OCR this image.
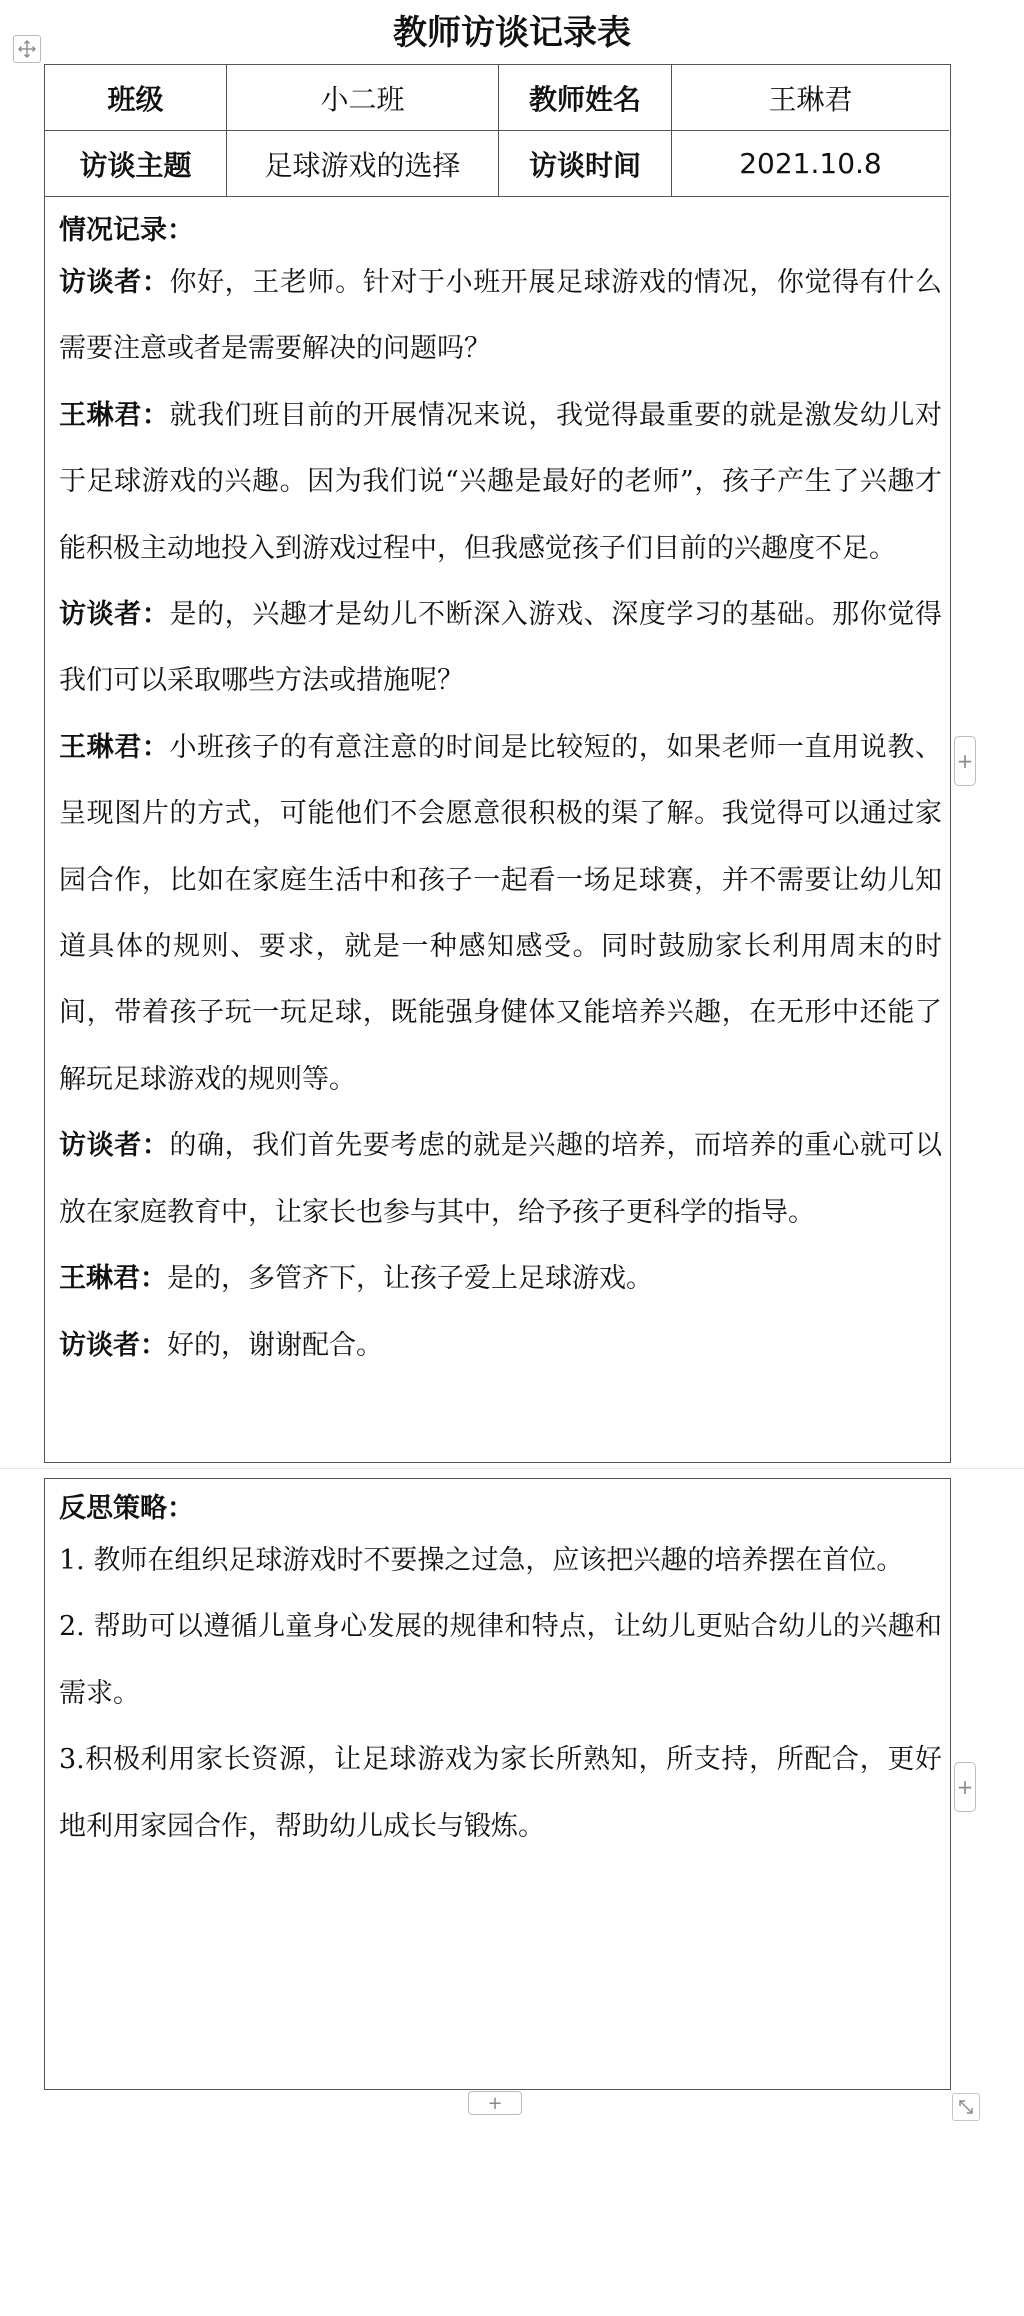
教师访谈记录表
班级	小二班	教师姓名	王琳君
访谈主题	足球游戏的选择	访谈时间	2021.10.8
情况记录：
访谈者：你好，王老师。针对于小班开展足球游戏的情况，你觉得有什么需要注意或者是需要解决的问题吗？
王琳君：就我们班目前的开展情况来说，我觉得最重要的就是激发幼儿对于足球游戏的兴趣。因为我们说“兴趣是最好的老师”，孩子产生了兴趣才能积极主动地投入到游戏过程中，但我感觉孩子们目前的兴趣度不足。
访谈者：是的，兴趣才是幼儿不断深入游戏、深度学习的基础。那你觉得我们可以采取哪些方法或措施呢？
王琳君：小班孩子的有意注意的时间是比较短的，如果老师一直用说教、呈现图片的方式，可能他们不会愿意很积极的渠了解。我觉得可以通过家园合作，比如在家庭生活中和孩子一起看一场足球赛，并不需要让幼儿知道具体的规则、要求，就是一种感知感受。同时鼓励家长利用周末的时间，带着孩子玩一玩足球，既能强身健体又能培养兴趣，在无形中还能了解玩足球游戏的规则等。
访谈者：的确，我们首先要考虑的就是兴趣的培养，而培养的重心就可以放在家庭教育中，让家长也参与其中，给予孩子更科学的指导。
王琳君：是的，多管齐下，让孩子爱上足球游戏。
访谈者：好的，谢谢配合。
+
反思策略：
1. 教师在组织足球游戏时不要操之过急，应该把兴趣的培养摆在首位。
2. 帮助可以遵循儿童身心发展的规律和特点，让幼儿更贴合幼儿的兴趣和需求。
3.积极利用家长资源，让足球游戏为家长所熟知，所支持，所配合，更好地利用家园合作，帮助幼儿成长与锻炼。
+
+
